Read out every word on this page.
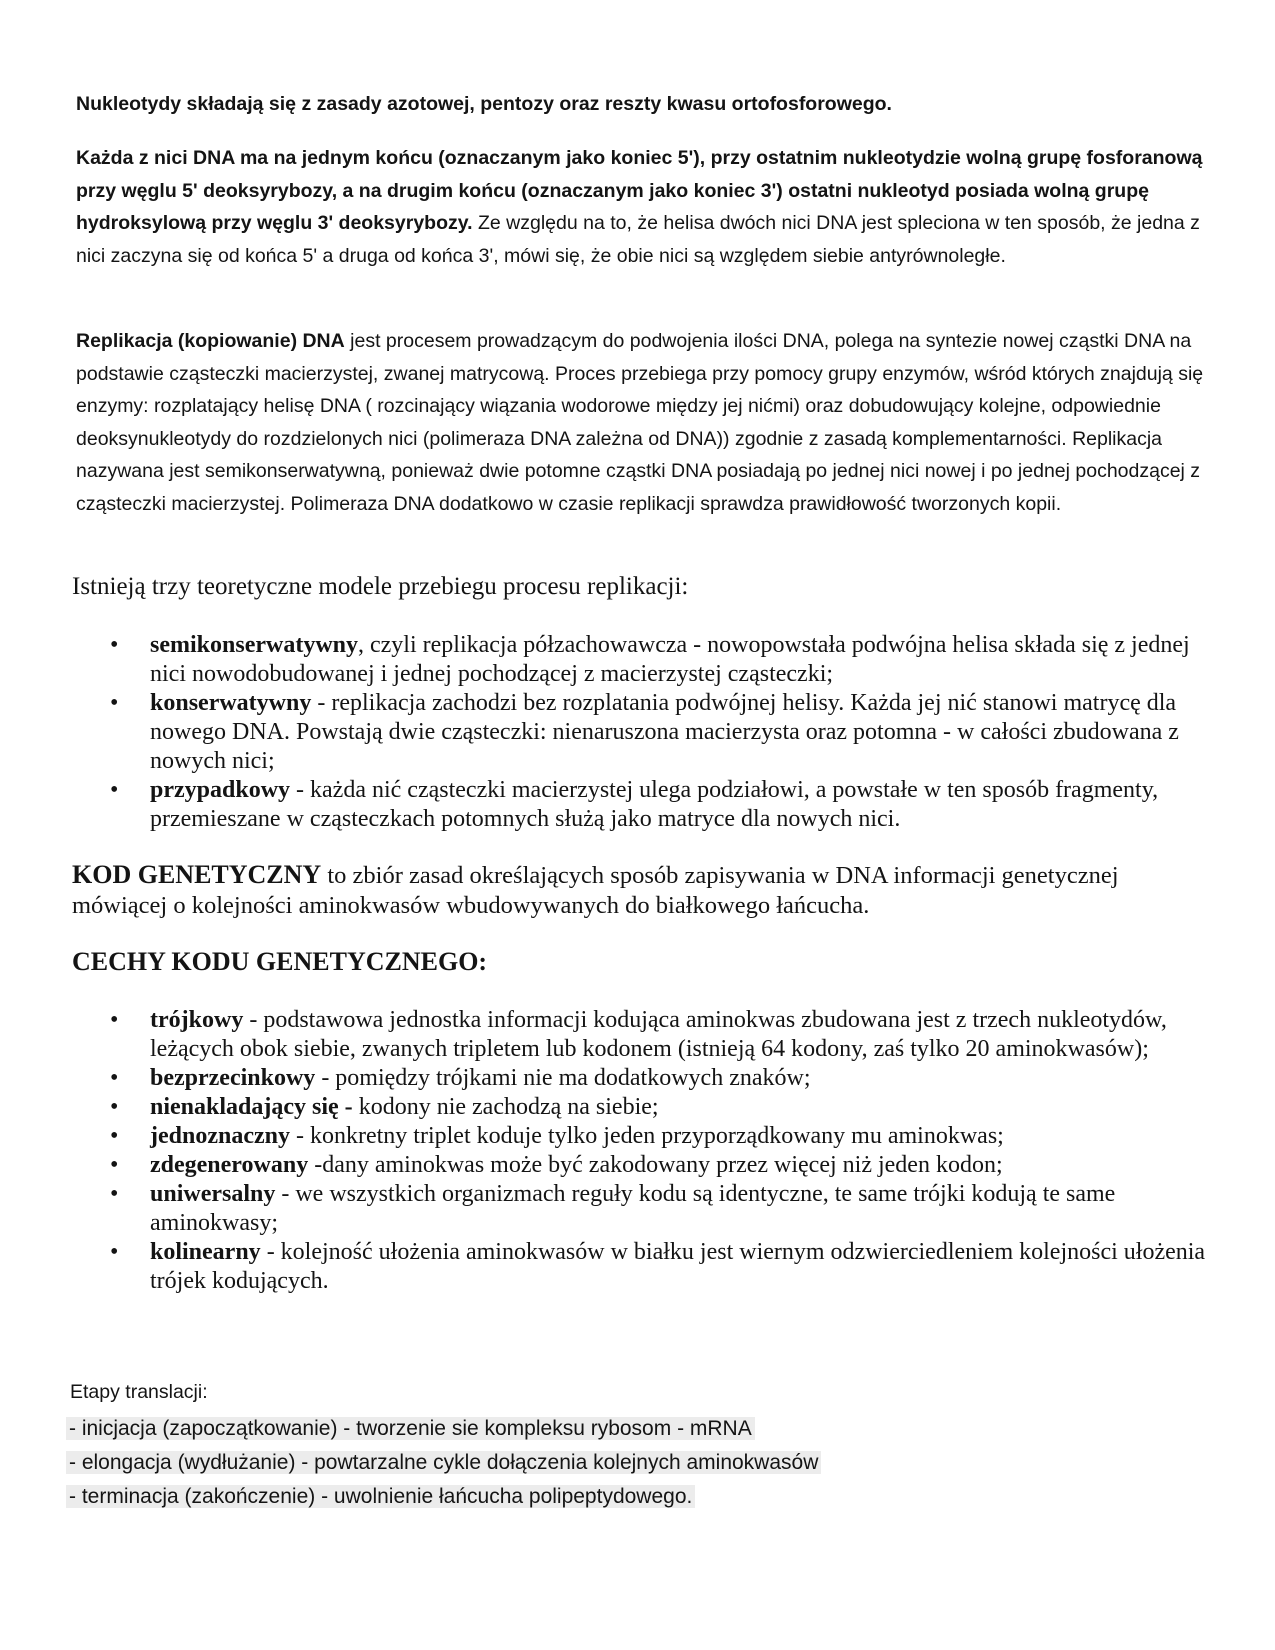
Nukleotydy składają się z zasady azotowej, pentozy oraz reszty kwasu ortofosforowego.

Każda z nici DNA ma na jednym końcu (oznaczanym jako koniec 5'), przy ostatnim nukleotydzie wolną grupę fosforanową przy węglu 5' deoksyrybozy, a na drugim końcu (oznaczanym jako koniec 3') ostatni nukleotyd posiada wolną grupę hydroksylową przy węglu 3' deoksyrybozy. Ze względu na to, że helisa dwóch nici DNA jest spleciona w ten sposób, że jedna z nici zaczyna się od końca 5' a druga od końca 3', mówi się, że obie nici są względem siebie antyrównoległe.

Replikacja (kopiowanie) DNA jest procesem prowadzącym do podwojenia ilości DNA, polega na syntezie nowej cząstki DNA na podstawie cząsteczki macierzystej, zwanej matrycową. Proces przebiega przy pomocy grupy enzymów, wśród których znajdują się enzymy: rozplatający helisę DNA ( rozcinający wiązania wodorowe między jej nićmi) oraz dobudowujący kolejne, odpowiednie deoksynukleotydy do rozdzielonych nici (polimeraza DNA zależna od DNA)) zgodnie z zasadą komplementarności. Replikacja nazywana jest semikonserwatywną, ponieważ dwie potomne cząstki DNA posiadają po jednej nici nowej i po jednej pochodzącej z cząsteczki macierzystej. Polimeraza DNA dodatkowo w czasie replikacji sprawdza prawidłowość tworzonych kopii.

Istnieją trzy teoretyczne modele przebiegu procesu replikacji:

• semikonserwatywny, czyli replikacja półzachowawcza - nowopowstała podwójna helisa składa się z jednej nici nowodobudowanej i jednej pochodzącej z macierzystej cząsteczki;
• konserwatywny - replikacja zachodzi bez rozplatania podwójnej helisy. Każda jej nić stanowi matrycę dla nowego DNA. Powstają dwie cząsteczki: nienaruszona macierzysta oraz potomna - w całości zbudowana z nowych nici;
• przypadkowy - każda nić cząsteczki macierzystej ulega podziałowi, a powstałe w ten sposób fragmenty, przemieszane w cząsteczkach potomnych służą jako matryce dla nowych nici.

KOD GENETYCZNY to zbiór zasad określających sposób zapisywania w DNA informacji genetycznej mówiącej o kolejności aminokwasów wbudowywanych do białkowego łańcucha.

CECHY KODU GENETYCZNEGO:
• trójkowy - podstawowa jednostka informacji kodująca aminokwas zbudowana jest z trzech nukleotydów, leżących obok siebie, zwanych tripletem lub kodonem (istnieją 64 kodony, zaś tylko 20 aminokwasów);
• bezprzecinkowy - pomiędzy trójkami nie ma dodatkowych znaków;
• nienakladający się - kodony nie zachodzą na siebie;
• jednoznaczny - konkretny triplet koduje tylko jeden przyporządkowany mu aminokwas;
• zdegenerowany -dany aminokwas może być zakodowany przez więcej niż jeden kodon;
• uniwersalny - we wszystkich organizmach reguły kodu są identyczne, te same trójki kodują te same aminokwasy;
• kolinearny - kolejność ułożenia aminokwasów w białku jest wiernym odzwierciedleniem kolejności ułożenia trójek kodujących.

Etapy translacji:

- inicjacja (zapoczątkowanie) - tworzenie sie kompleksu rybosom - mRNA
- elongacja (wydłużanie) - powtarzalne cykle dołączenia kolejnych aminokwasów
- terminacja (zakończenie) - uwolnienie łańcucha polipeptydowego.
